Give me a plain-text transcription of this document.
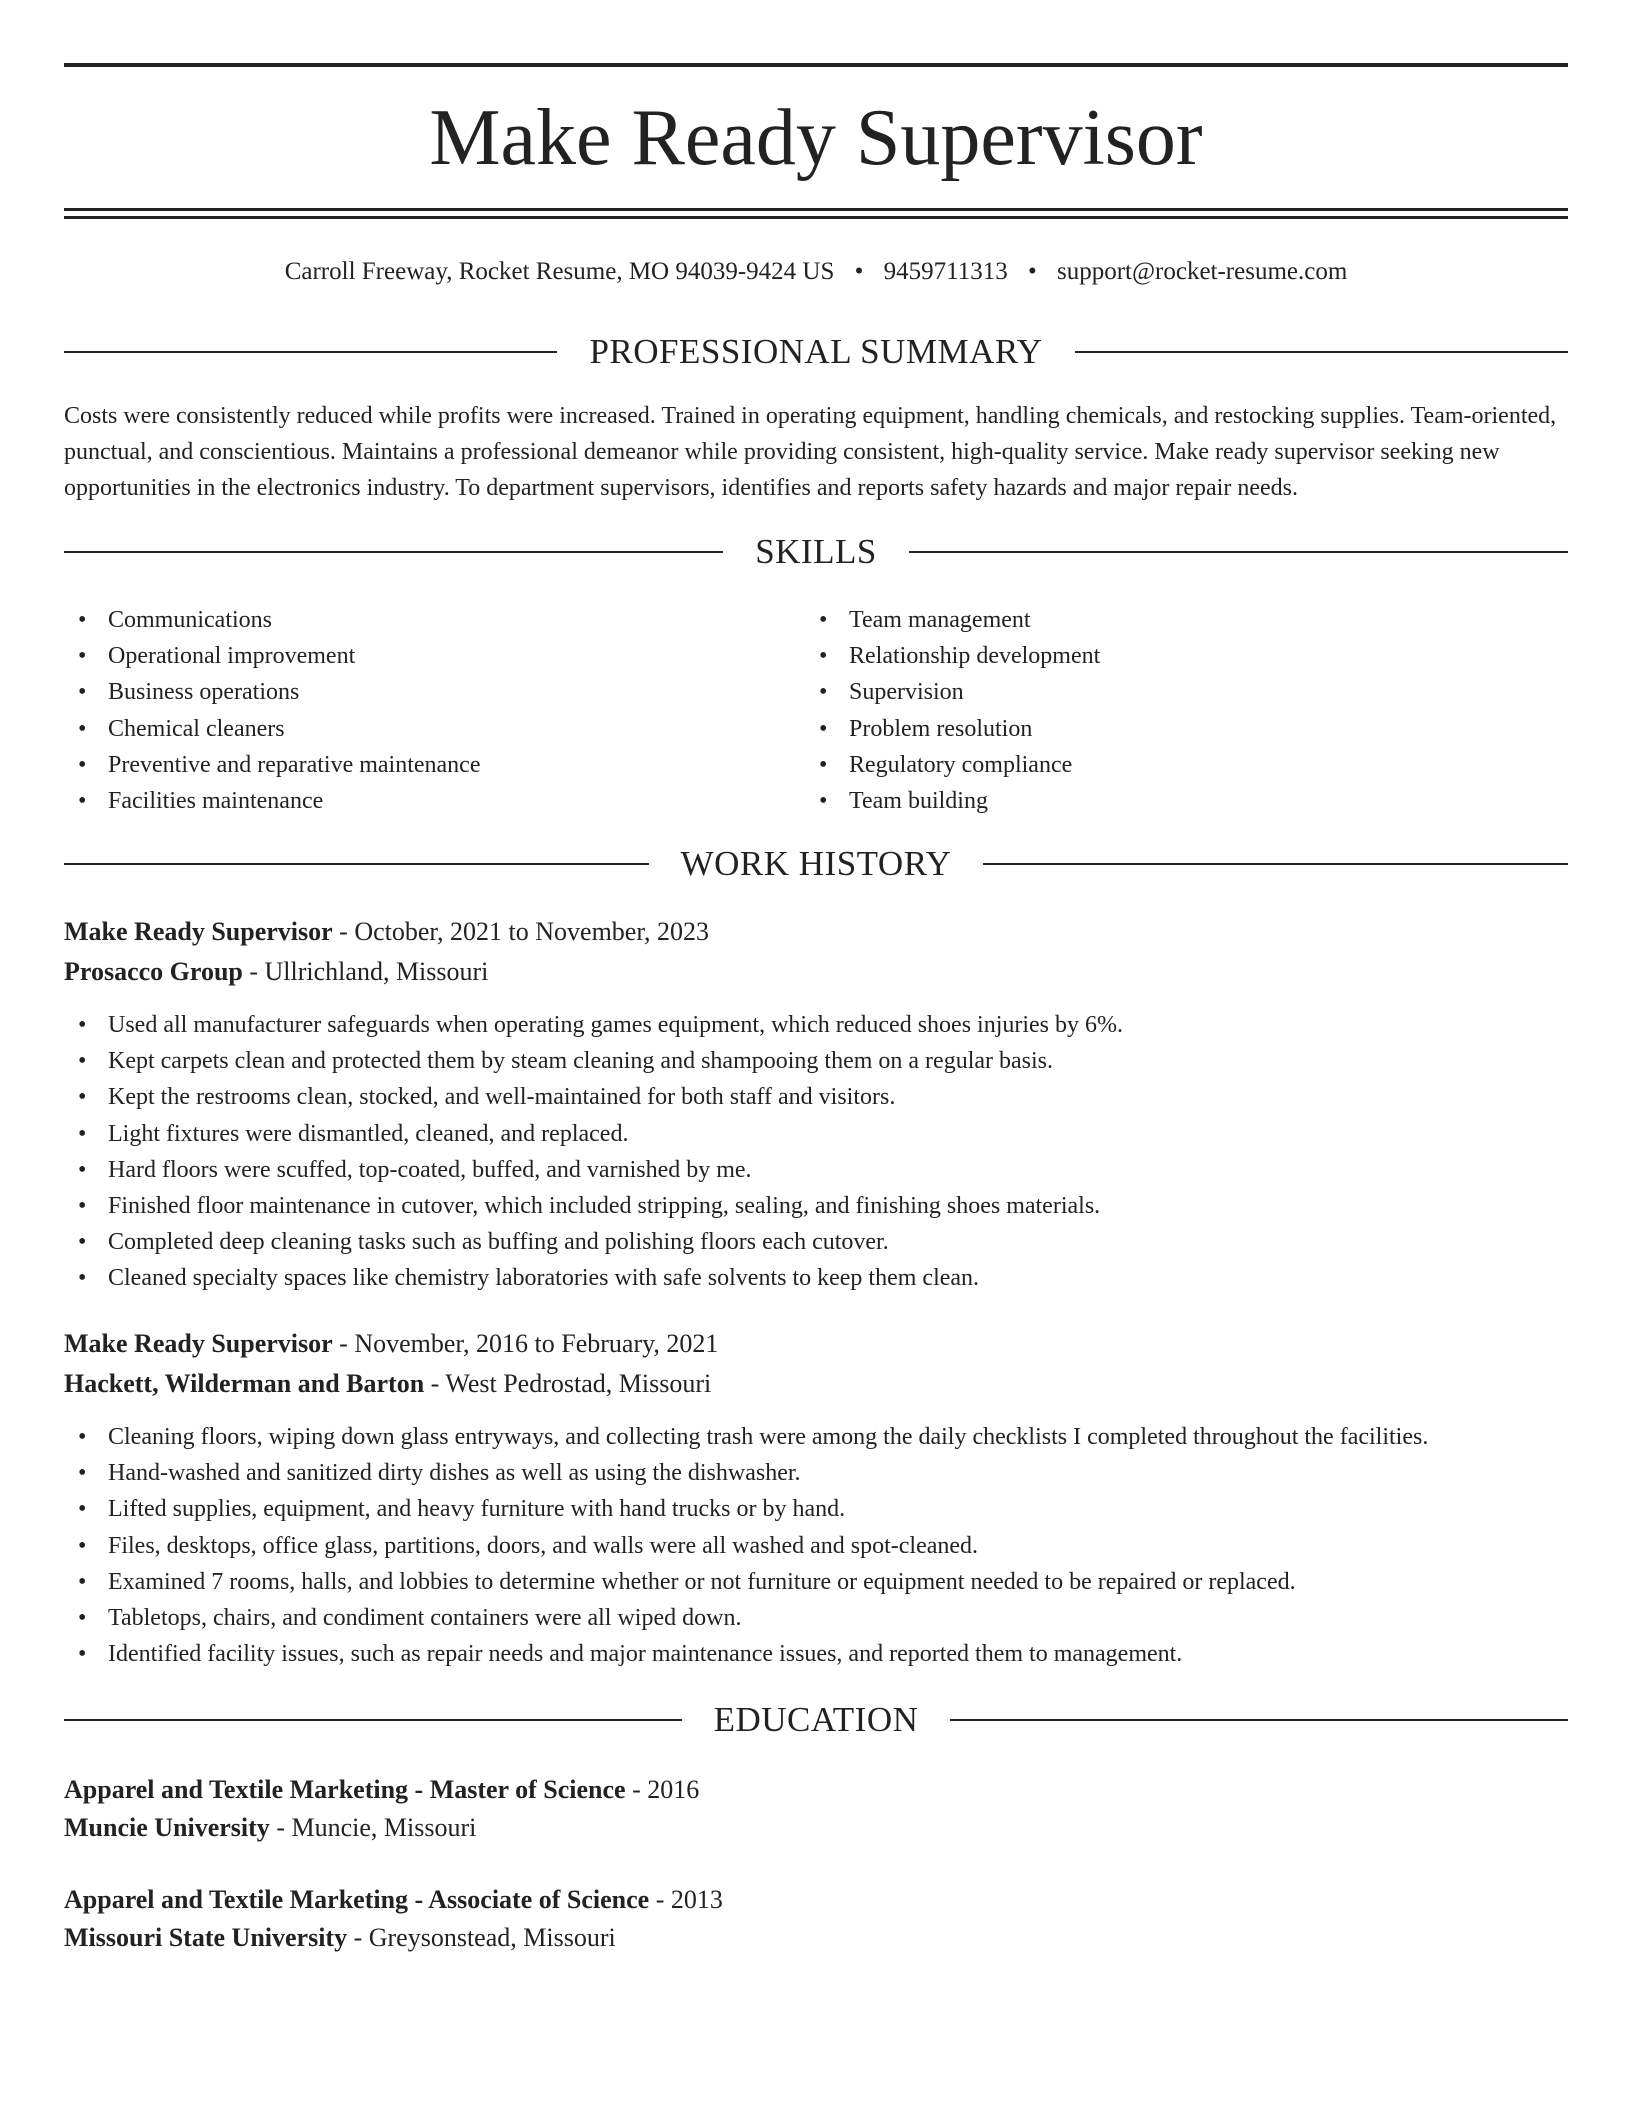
Make Ready Supervisor
Carroll Freeway, Rocket Resume, MO 94039-9424 US • 9459711313 • support@rocket-resume.com
PROFESSIONAL SUMMARY

Costs were consistently reduced while profits were increased. Trained in operating equipment, handling chemicals, and restocking supplies. Team-oriented, punctual, and conscientious. Maintains a professional demeanor while providing consistent, high-quality service. Make ready supervisor seeking new opportunities in the electronics industry. To department supervisors, identifies and reports safety hazards and major repair needs.

SKILLS
• Communications
• Operational improvement
• Business operations
• Chemical cleaners
• Preventive and reparative maintenance
• Facilities maintenance
• Team management
• Relationship development
• Supervision
• Problem resolution
• Regulatory compliance
• Team building
WORK HISTORY
Make Ready Supervisor - October, 2021 to November, 2023
Prosacco Group - Ullrichland, Missouri
• Used all manufacturer safeguards when operating games equipment, which reduced shoes injuries by 6%.
• Kept carpets clean and protected them by steam cleaning and shampooing them on a regular basis.
• Kept the restrooms clean, stocked, and well-maintained for both staff and visitors.
• Light fixtures were dismantled, cleaned, and replaced.
• Hard floors were scuffed, top-coated, buffed, and varnished by me.
• Finished floor maintenance in cutover, which included stripping, sealing, and finishing shoes materials.
• Completed deep cleaning tasks such as buffing and polishing floors each cutover.
• Cleaned specialty spaces like chemistry laboratories with safe solvents to keep them clean.
Make Ready Supervisor - November, 2016 to February, 2021
Hackett, Wilderman and Barton - West Pedrostad, Missouri
• Cleaning floors, wiping down glass entryways, and collecting trash were among the daily checklists I completed throughout the facilities.
• Hand-washed and sanitized dirty dishes as well as using the dishwasher.
• Lifted supplies, equipment, and heavy furniture with hand trucks or by hand.
• Files, desktops, office glass, partitions, doors, and walls were all washed and spot-cleaned.
• Examined 7 rooms, halls, and lobbies to determine whether or not furniture or equipment needed to be repaired or replaced.
• Tabletops, chairs, and condiment containers were all wiped down.
• Identified facility issues, such as repair needs and major maintenance issues, and reported them to management.
EDUCATION
Apparel and Textile Marketing - Master of Science - 2016
Muncie University - Muncie, Missouri
Apparel and Textile Marketing - Associate of Science - 2013
Missouri State University - Greysonstead, Missouri
